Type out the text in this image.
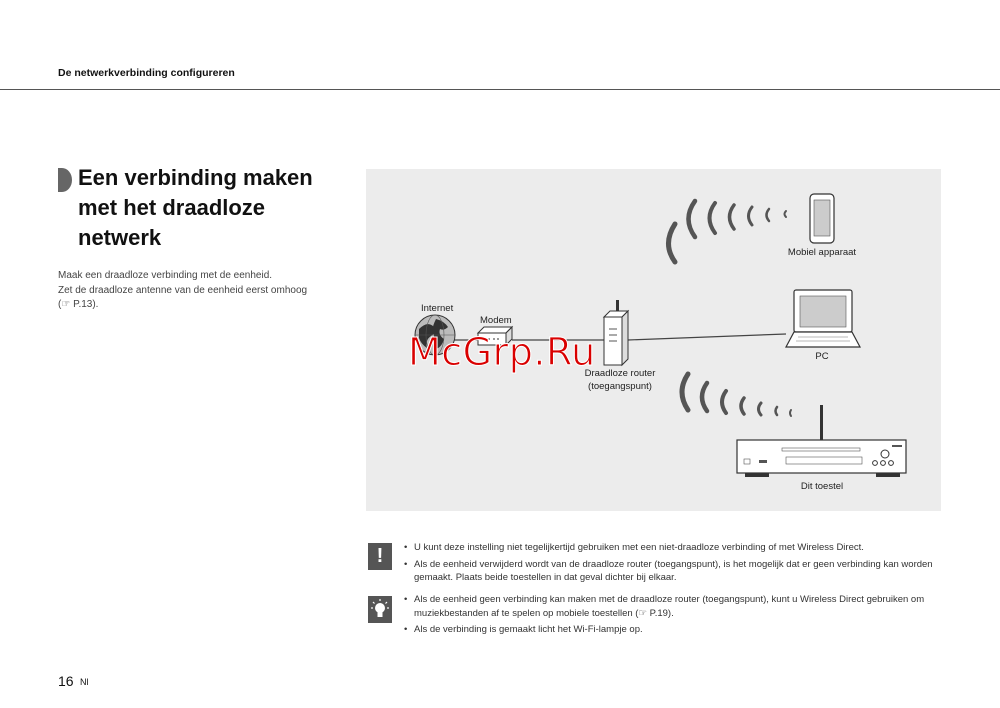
De netwerkverbinding configureren
Een verbinding maken
met het draadloze
netwerk
Maak een draadloze verbinding met de eenheid.
Zet de draadloze antenne van de eenheid eerst omhoog
(☞ P.13).	Internet
Modem
Draadloze router
(toegangspunt)
Mobiel apparaat
PC
Dit toestel
McGrp.Ru
!
•	U kunt deze instelling niet tegelijkertijd gebruiken met een niet-draadloze verbinding of met Wireless Direct.
• Als de eenheid verwijderd wordt van de draadloze router (toegangspunt), is het mogelijk dat er geen verbinding kan worden gemaakt. Plaats beide toestellen in dat geval dichter bij elkaar.
• Als de eenheid geen verbinding kan maken met de draadloze router (toegangspunt), kunt u Wireless Direct gebruiken om muziekbestanden af te spelen op mobiele toestellen (☞ P.19).
• Als de verbinding is gemaakt licht het Wi-Fi-lampje op.
16 Nl
